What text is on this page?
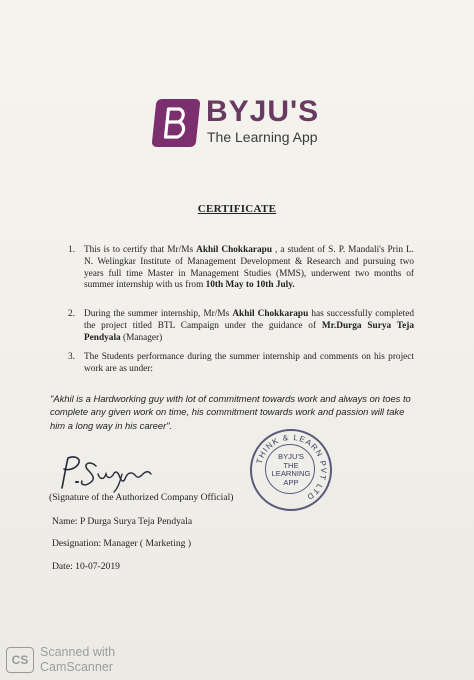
BYJU'S
The Learning App
CERTIFICATE
1. This is to certify that Mr/Ms Akhil Chokkarapu , a student of S. P. Mandali's Prin L. N. Welingkar Institute of Management Development & Research and pursuing two years full time Master in Management Studies (MMS), underwent two months of summer internship with us from 10th May to 10th July.
2. During the summer internship, Mr/Ms Akhil Chokkarapu has successfully completed the project titled BTL Campaign under the guidance of Mr.Durga Surya Teja Pendyala (Manager)
3. The Students performance during the summer internship and comments on his project work are as under:
"Akhil is a Hardworking guy with lot of commitment towards work and always on toes to complete any given work on time, his commitment towards work and passion will take him a long way in his career".
THINK & LEARN PVT LTD
BYJU'S
THE
LEARNING
APP
(Signature of the Authorized Company Official)
Name: P Durga Surya Teja Pendyala
Designation: Manager ( Marketing )
Date: 10-07-2019
CS
Scanned with
CamScanner
